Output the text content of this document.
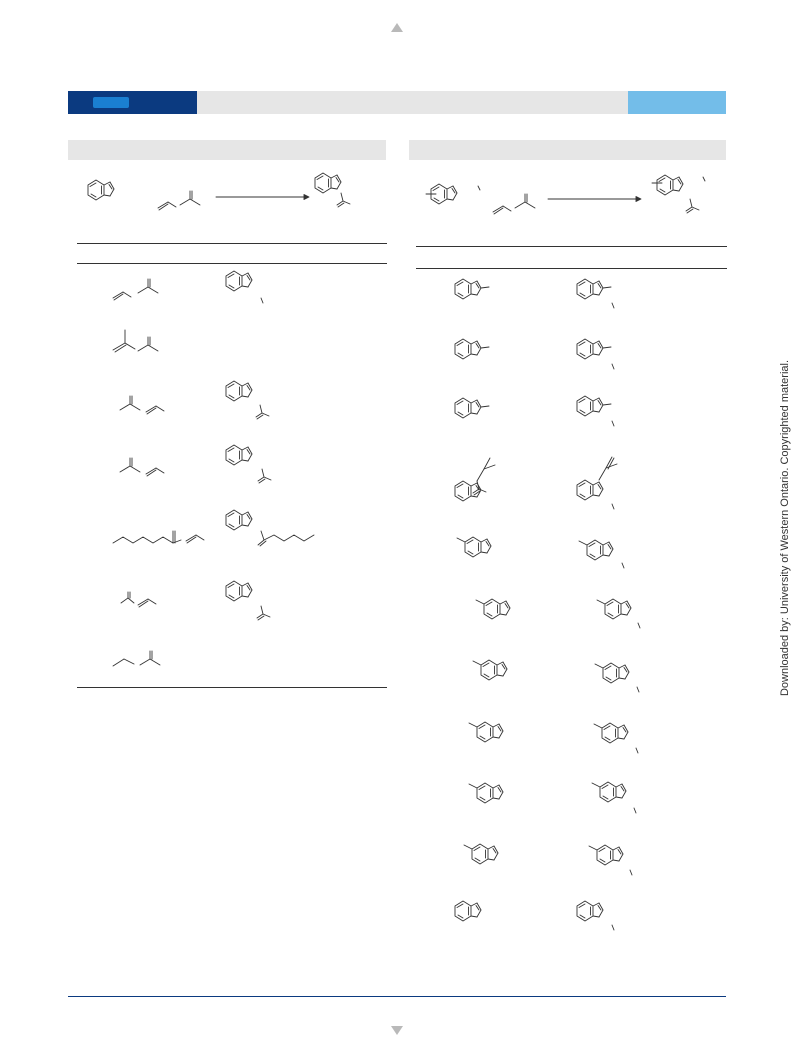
Downloaded by: University of Western Ontario. Copyrighted material.
